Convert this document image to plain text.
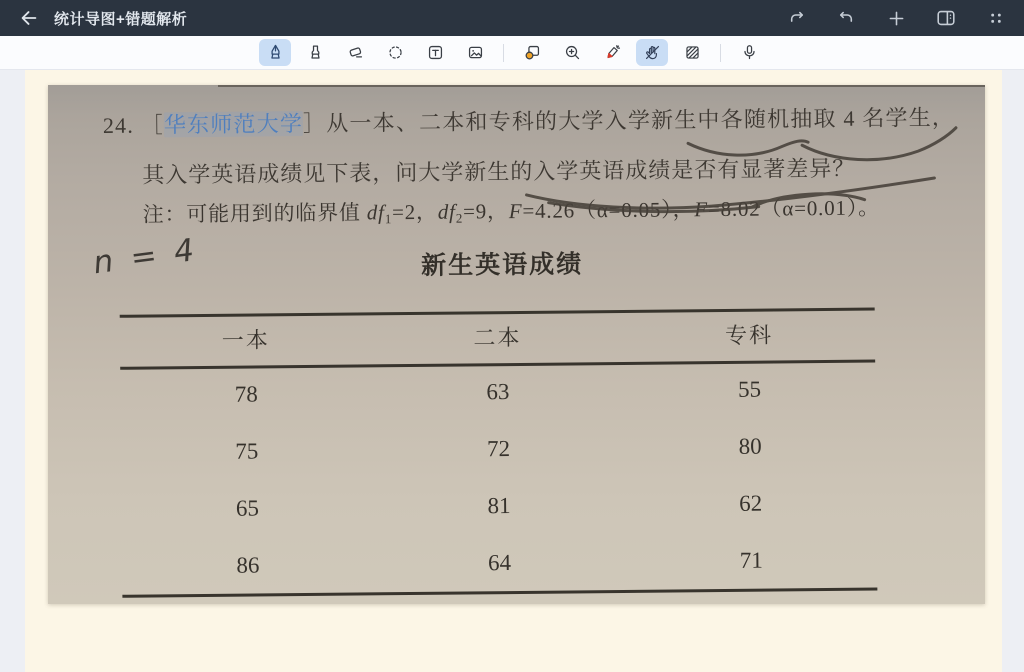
统计导图+错题解析
24. ［华东师范大学］从一本、二本和专科的大学入学新生中各随机抽取 4 名学生，
其入学英语成绩见下表，问大学新生的入学英语成绩是否有显著差异？
注：可能用到的临界值 $df_1=2$，$df_2=9$，F=4.26（α=0.05），F=8.02（α=0.01）。
n = 4	新生英语成绩
一本	二本	专科
78	63	55
75	72	80
65	81	62
86	64	71
